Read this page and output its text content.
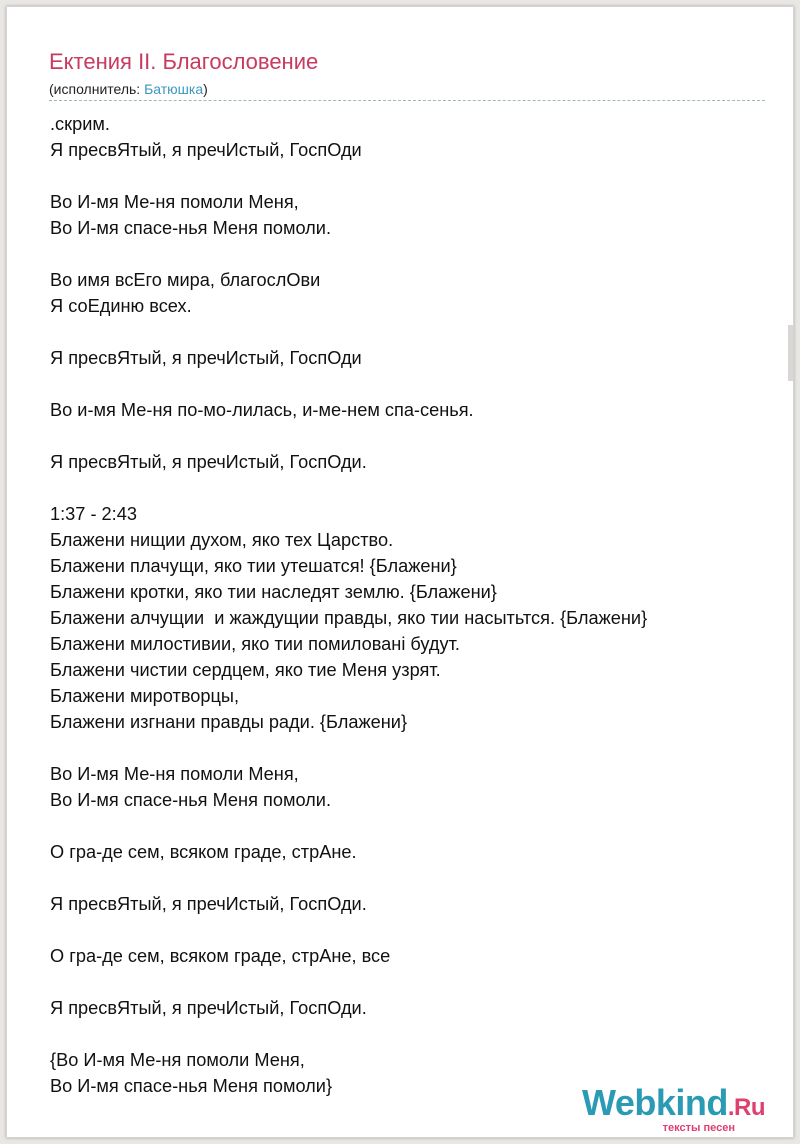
Ектения II. Благословение
(исполнитель: Батюшка)
.скрим.
Я пресвЯтый, я пречИстый, ГоспОди
Во И-мя Ме-ня помоли Меня,
Во И-мя спасе-нья Меня помоли.
Во имя всЕго мира, благослОви
Я соЕдиню всех.
Я пресвЯтый, я пречИстый, ГоспОди
Во и-мя Ме-ня по-мо-лилась, и-ме-нем спа-сенья.
Я пресвЯтый, я пречИстый, ГоспОди.
1:37 - 2:43
Блажени нищии духом, яко тех Царство.
Блажени плачущи, яко тии утешатся! {Блажени}
Блажени кротки, яко тии наследят землю. {Блажени}
Блажени алчущии  и жаждущии правды, яко тии насытьтся. {Блажени}
Блажени милостивии, яко тии помилованi будут.
Блажени чистии сердцем, яко тие Меня узрят.
Блажени миротворцы,
Блажени изгнани правды ради. {Блажени}
Во И-мя Ме-ня помоли Меня,
Во И-мя спасе-нья Меня помоли.
О гра-де сем, всяком граде, стрАне.
Я пресвЯтый, я пречИстый, ГоспОди.
О гра-де сем, всяком граде, стрАне, все
Я пресвЯтый, я пречИстый, ГоспОди.
{Во И-мя Ме-ня помоли Меня,
Во И-мя спасе-нья Меня помоли}	Webkind.Ru
тексты песен
